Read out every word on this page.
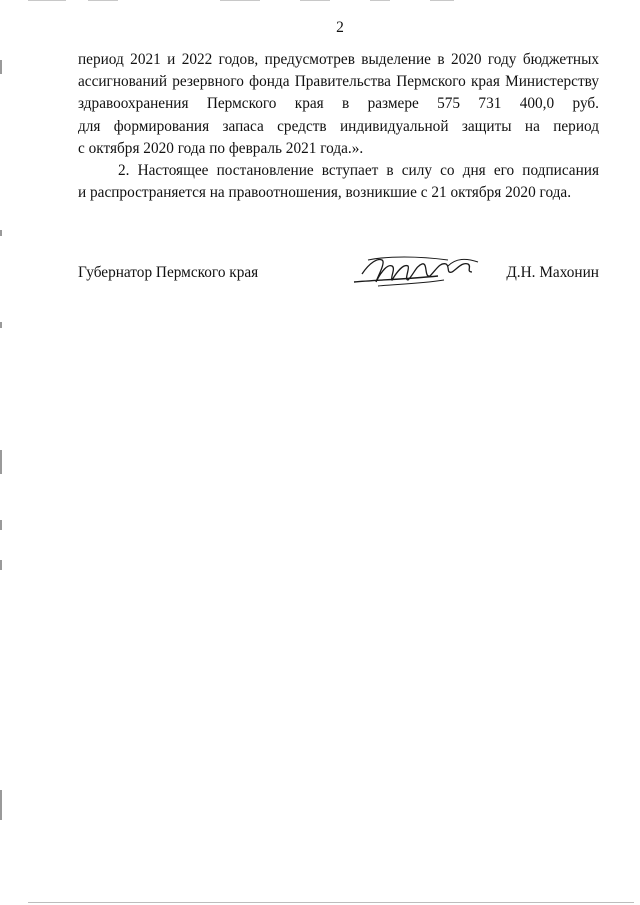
2

период 2021 и 2022 годов, предусмотрев выделение в 2020 году бюджетных
ассигнований резервного фонда Правительства Пермского края Министерству
здравоохранения Пермского края в размере 575 731 400,0 руб.
для формирования запаса средств индивидуальной защиты на период
с октября 2020 года по февраль 2021 года.».

2. Настоящее постановление вступает в силу со дня его подписания
и распространяется на правоотношения, возникшие с 21 октября 2020 года.

Губернатор Пермского края	Д.Н. Махонин
